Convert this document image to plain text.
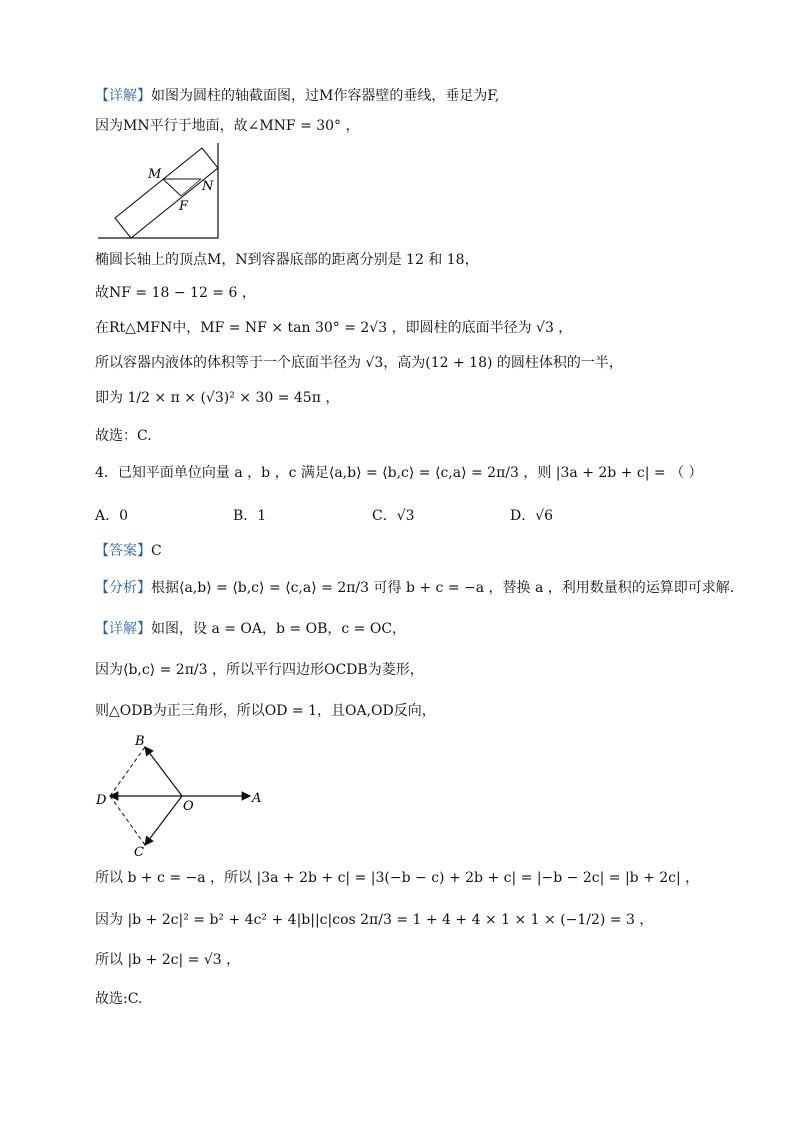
【详解】如图为圆柱的轴截面图，过M作容器壁的垂线，垂足为F,
因为MN平行于地面，故∠MNF = 30° ，
M
N
F
椭圆长轴上的顶点M，N到容器底部的距离分别是 12 和 18，
故NF = 18 − 12 = 6 ，
在Rt△MFN中，MF = NF × tan 30° = 2√3 ，即圆柱的底面半径为 √3 ，
所以容器内液体的体积等于一个底面半径为 √3，高为(12 + 18) 的圆柱体积的一半，
即为 1/2 × π × (√3)² × 30 = 45π ，
故选：C.
4．已知平面单位向量 a ，b ，c 满足⟨a,b⟩ = ⟨b,c⟩ = ⟨c,a⟩ = 2π/3 ，则 |3a + 2b + c| = （ ）
A．0	B．1	C．√3	D．√6
【答案】C
【分析】根据⟨a,b⟩ = ⟨b,c⟩ = ⟨c,a⟩ = 2π/3 可得 b + c = −a ，替换 a ，利用数量积的运算即可求解.
【详解】如图，设 a = OA，b = OB，c = OC，
因为⟨b,c⟩ = 2π/3 ，所以平行四边形OCDB为菱形，
则△ODB为正三角形，所以OD = 1，且OA,OD反向，
B
D	O
A
C
所以 b + c = −a ，所以 |3a + 2b + c| = |3(−b − c) + 2b + c| = |−b − 2c| = |b + 2c| ，
因为 |b + 2c|² = b² + 4c² + 4|b||c|cos 2π/3 = 1 + 4 + 4 × 1 × 1 × (−1/2) = 3 ，
所以 |b + 2c| = √3 ，
故选:C.
